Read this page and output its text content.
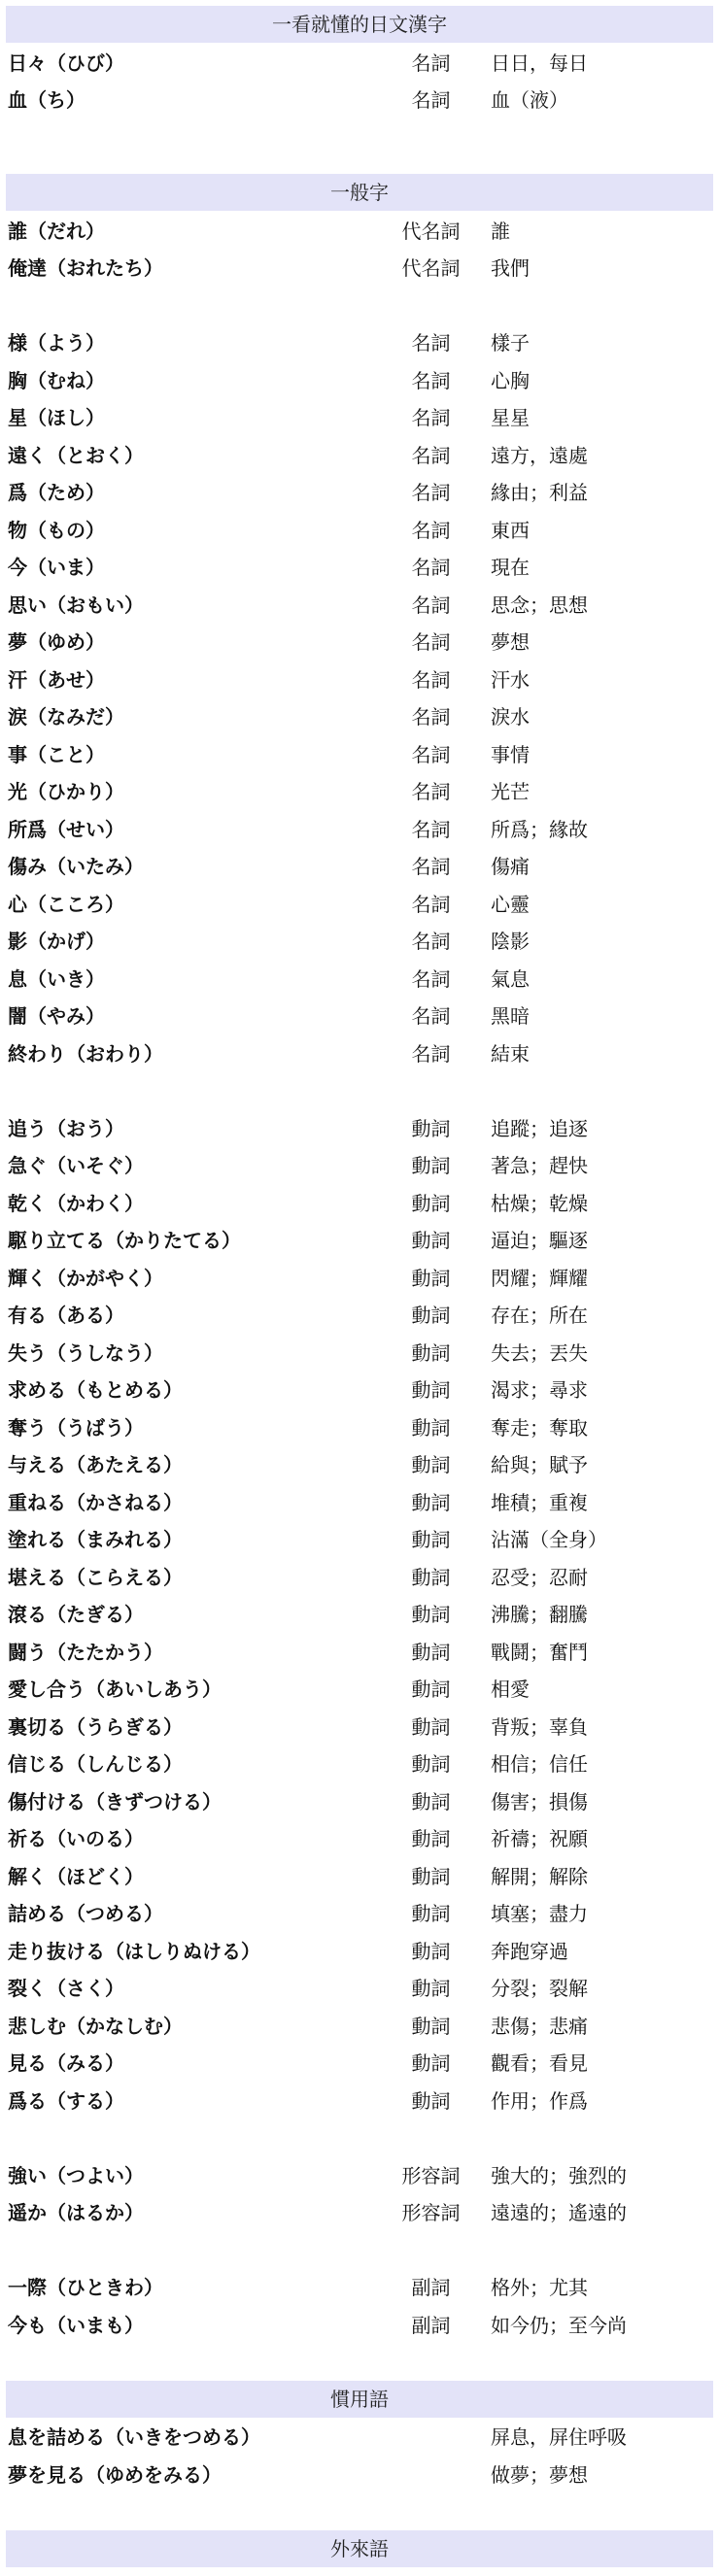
一看就懂的日文漢字
日々（ひび）	名詞	日日，每日
血（ち）	名詞	血（液）
一般字
誰（だれ）	代名詞	誰
俺達（おれたち）	代名詞	我們
様（よう）	名詞	樣子
胸（むね）	名詞	心胸
星（ほし）	名詞	星星
遠く（とおく）	名詞	遠方，遠處
爲（ため）	名詞	緣由；利益
物（もの）	名詞	東西
今（いま）	名詞	現在
思い（おもい）	名詞	思念；思想
夢（ゆめ）	名詞	夢想
汗（あせ）	名詞	汗水
涙（なみだ）	名詞	淚水
事（こと）	名詞	事情
光（ひかり）	名詞	光芒
所爲（せい）	名詞	所爲；緣故
傷み（いたみ）	名詞	傷痛
心（こころ）	名詞	心靈
影（かげ）	名詞	陰影
息（いき）	名詞	氣息
闇（やみ）	名詞	黑暗
終わり（おわり）	名詞	結束
追う（おう）	動詞	追蹤；追逐
急ぐ（いそぐ）	動詞	著急；趕快
乾く（かわく）	動詞	枯燥；乾燥
駆り立てる（かりたてる）	動詞	逼迫；驅逐
輝く（かがやく）	動詞	閃耀；輝耀
有る（ある）	動詞	存在；所在
失う（うしなう）	動詞	失去；丟失
求める（もとめる）	動詞	渴求；尋求
奪う（うばう）	動詞	奪走；奪取
与える（あたえる）	動詞	給與；賦予
重ねる（かさねる）	動詞	堆積；重複
塗れる（まみれる）	動詞	沾滿（全身）
堪える（こらえる）	動詞	忍受；忍耐
滾る（たぎる）	動詞	沸騰；翻騰
闘う（たたかう）	動詞	戰鬪；奮鬥
愛し合う（あいしあう）	動詞	相愛
裏切る（うらぎる）	動詞	背叛；辜負
信じる（しんじる）	動詞	相信；信任
傷付ける（きずつける）	動詞	傷害；損傷
祈る（いのる）	動詞	祈禱；祝願
解く（ほどく）	動詞	解開；解除
詰める（つめる）	動詞	填塞；盡力
走り抜ける（はしりぬける）	動詞	奔跑穿過
裂く（さく）	動詞	分裂；裂解
悲しむ（かなしむ）	動詞	悲傷；悲痛
見る（みる）	動詞	觀看；看見
爲る（する）	動詞	作用；作爲
強い（つよい）	形容詞	強大的；強烈的
遥か（はるか）	形容詞	遠遠的；遙遠的
一際（ひときわ）	副詞	格外；尤其
今も（いまも）	副詞	如今仍；至今尚
慣用語
息を詰める（いきをつめる）	屏息，屏住呼吸
夢を見る（ゆめをみる）	做夢；夢想
外來語
